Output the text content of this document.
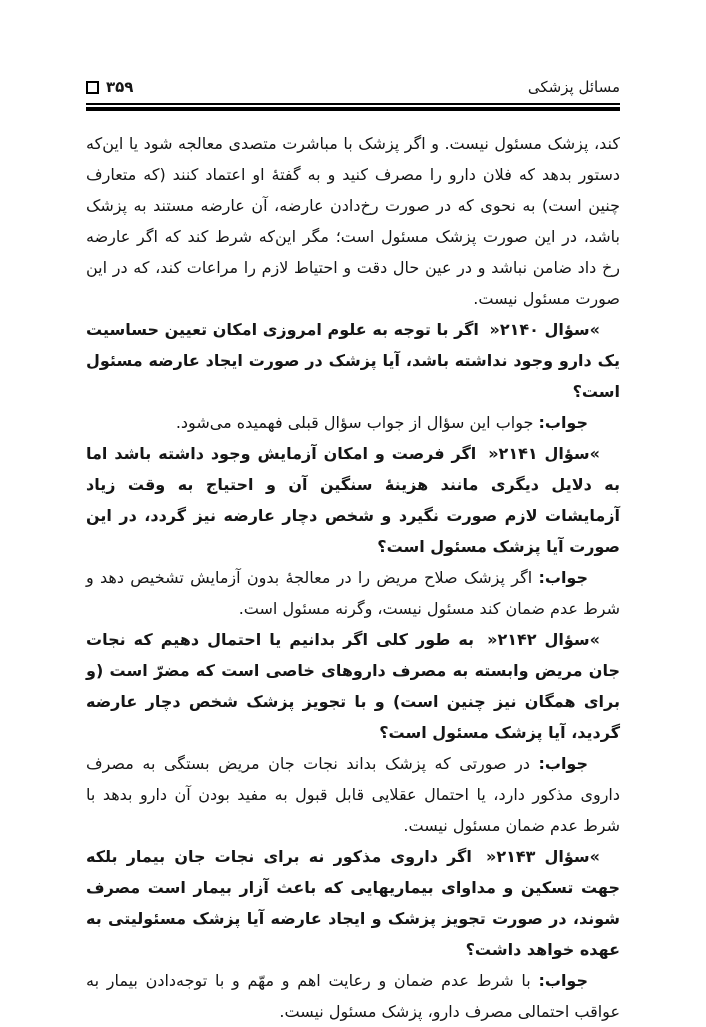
مسائل پزشکی
۳۵۹

کند، پزشک مسئول نیست. و اگر پزشک با مباشرت متصدی معالجه شود یا این‌که دستور بدهد که فلان دارو را مصرف کنید و به گفتهٔ او اعتماد کنند (که متعارف چنین است) به نحوی که در صورت رخ‌دادن عارضه، آن عارضه مستند به پزشک باشد، در این صورت پزشک مسئول است؛ مگر این‌که شرط کند که اگر عارضه رخ داد ضامن نباشد و در عین حال دقت و احتیاط لازم را مراعات کند، که در این صورت مسئول نیست.

»سؤال ۲۱۴۰« اگر با توجه به علوم امروزی امکان تعیین حساسیت یک دارو وجود نداشته باشد، آیا پزشک در صورت ایجاد عارضه مسئول است؟

جواب: جواب این سؤال از جواب سؤال قبلی فهمیده می‌شود.

»سؤال ۲۱۴۱« اگر فرصت و امکان آزمایش وجود داشته باشد اما به دلایل دیگری مانند هزینهٔ سنگین آن و احتیاج به وقت زیاد آزمایشات لازم صورت نگیرد و شخص دچار عارضه نیز گردد، در این صورت آیا پزشک مسئول است؟

جواب: اگر پزشک صلاح مریض را در معالجهٔ بدون آزمایش تشخیص دهد و شرط عدم ضمان کند مسئول نیست، وگرنه مسئول است.

»سؤال ۲۱۴۲« به طور کلی اگر بدانیم یا احتمال دهیم که نجات جان مریض وابسته به مصرف داروهای خاصی است که مضرّ است (و برای همگان نیز چنین است) و با تجویز پزشک شخص دچار عارضه گردید، آیا پزشک مسئول است؟

جواب: در صورتی که پزشک بداند نجات جان مریض بستگی به مصرف داروی مذکور دارد، یا احتمال عقلایی قابل قبول به مفید بودن آن دارو بدهد با شرط عدم ضمان مسئول نیست.

»سؤال ۲۱۴۳« اگر داروی مذکور نه برای نجات جان بیمار بلکه جهت تسکین و مداوای بیماریهایی که باعث آزار بیمار است مصرف شوند، در صورت تجویز پزشک و ایجاد عارضه آیا پزشک مسئولیتی به عهده خواهد داشت؟

جواب: با شرط عدم ضمان و رعایت اهم و مهّم و با توجه‌دادن بیمار به عواقب احتمالی مصرف دارو، پزشک مسئول نیست.
